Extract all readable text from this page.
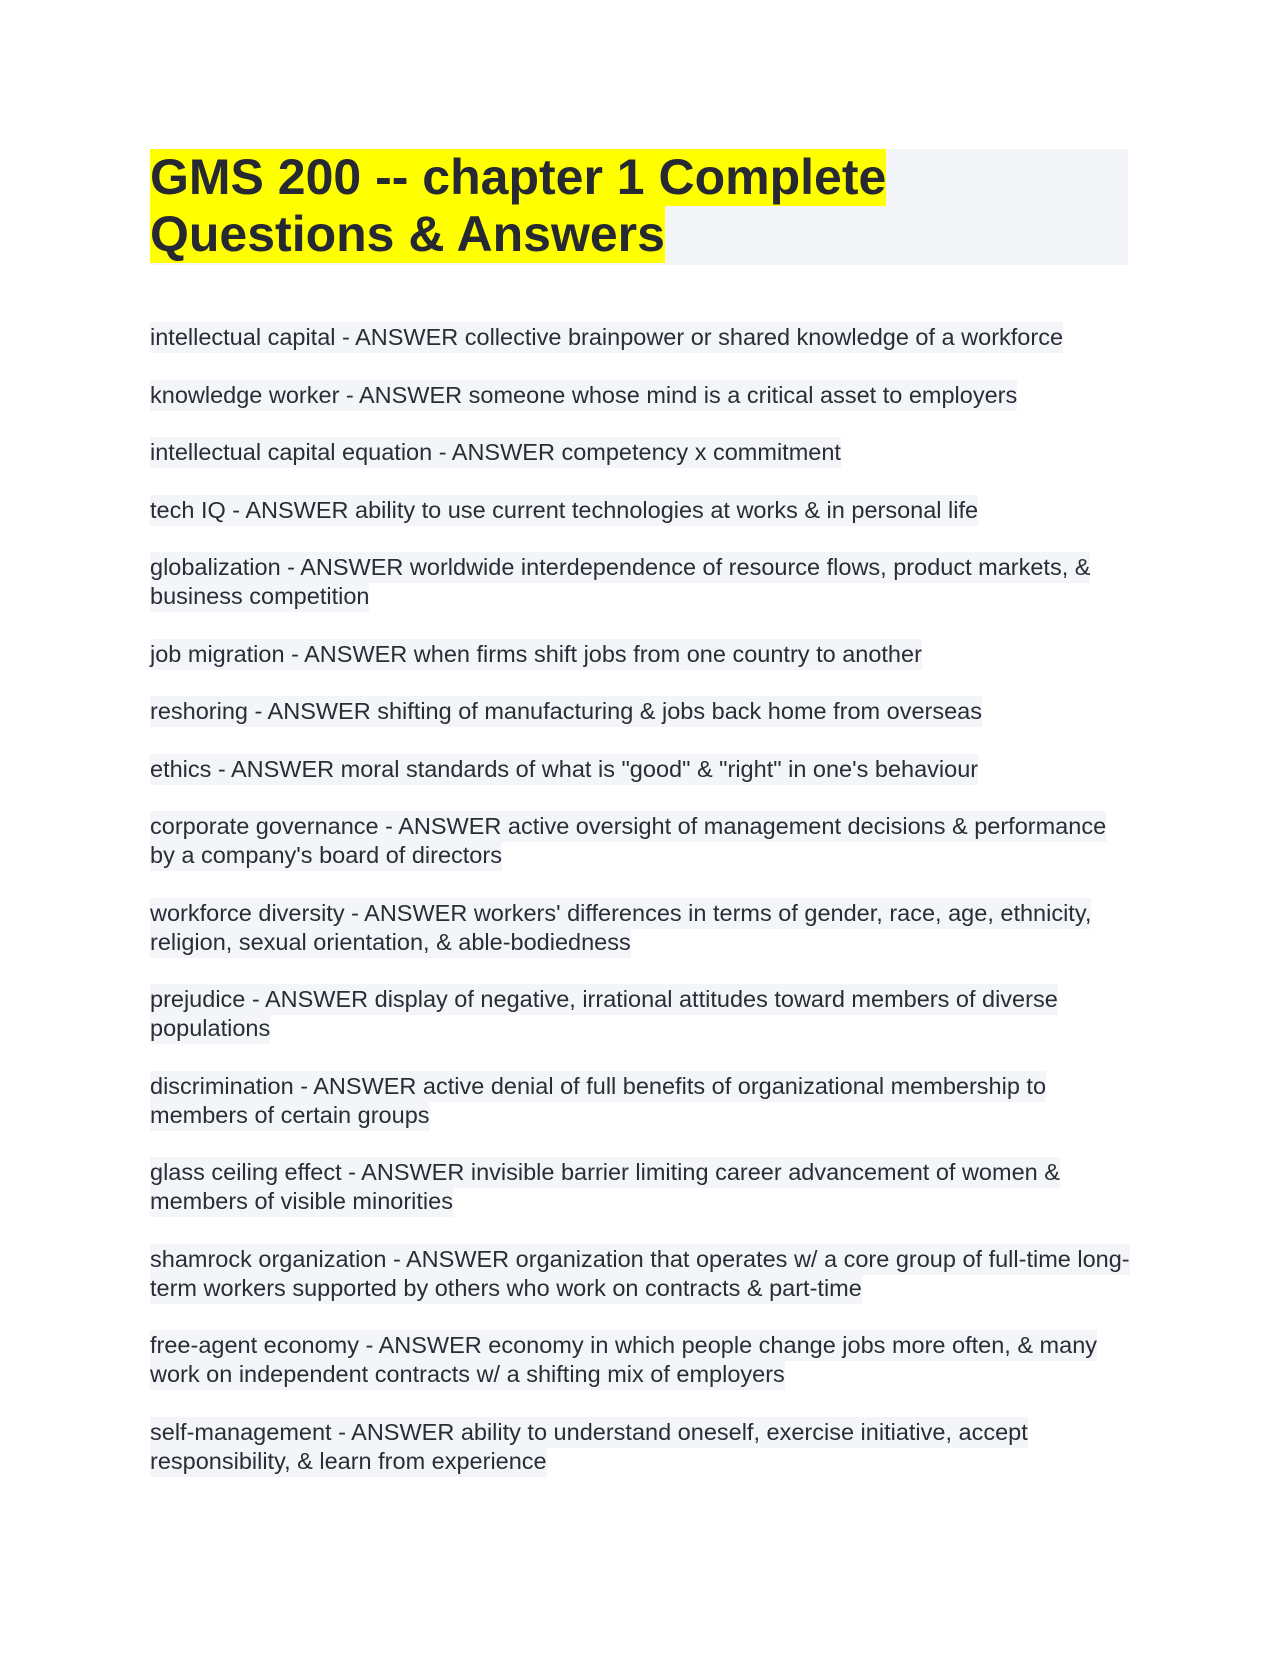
GMS 200 -- chapter 1 Complete Questions & Answers
intellectual capital - ANSWER collective brainpower or shared knowledge of a workforce
knowledge worker - ANSWER someone whose mind is a critical asset to employers
intellectual capital equation - ANSWER competency x commitment
tech IQ - ANSWER ability to use current technologies at works & in personal life
globalization - ANSWER worldwide interdependence of resource flows, product markets, & business competition
job migration - ANSWER when firms shift jobs from one country to another
reshoring - ANSWER shifting of manufacturing & jobs back home from overseas
ethics - ANSWER moral standards of what is "good" & "right" in one's behaviour
corporate governance - ANSWER active oversight of management decisions & performance by a company's board of directors
workforce diversity - ANSWER workers' differences in terms of gender, race, age, ethnicity, religion, sexual orientation, & able-bodiedness
prejudice - ANSWER display of negative, irrational attitudes toward members of diverse populations
discrimination - ANSWER active denial of full benefits of organizational membership to members of certain groups
glass ceiling effect - ANSWER invisible barrier limiting career advancement of women & members of visible minorities
shamrock organization - ANSWER organization that operates w/ a core group of full-time long-term workers supported by others who work on contracts & part-time
free-agent economy - ANSWER economy in which people change jobs more often, & many work on independent contracts w/ a shifting mix of employers
self-management - ANSWER ability to understand oneself, exercise initiative, accept responsibility, & learn from experience
